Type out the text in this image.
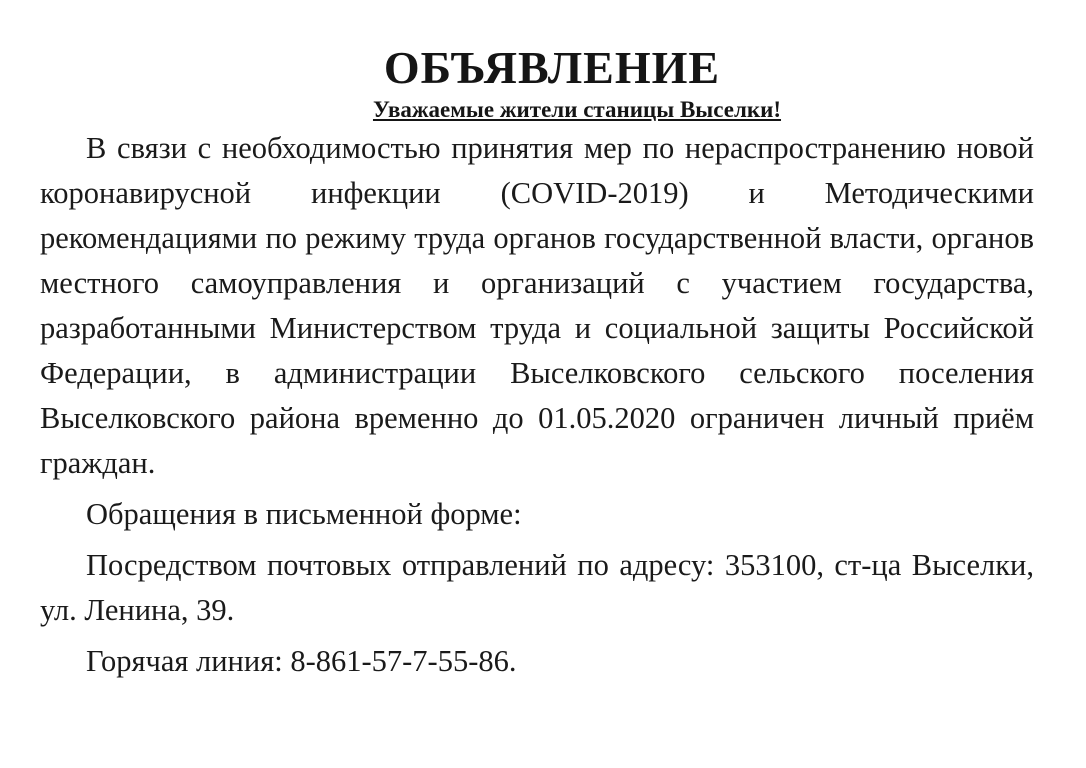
ОБЪЯВЛЕНИЕ
Уважаемые жители станицы Выселки!

В связи с необходимостью принятия мер по нераспространению новой коронавирусной инфекции (COVID-2019) и Методическими рекомендациями по режиму труда органов государственной власти, органов местного самоуправления и организаций с участием государства, разработанными Министерством труда и социальной защиты Российской Федерации, в администрации Выселковского сельского поселения Выселковского района временно до 01.05.2020 ограничен личный приём граждан.

Обращения в письменной форме:

Посредством почтовых отправлений по адресу: 353100, ст-ца Выселки, ул. Ленина, 39.

Горячая линия: 8-861-57-7-55-86.
